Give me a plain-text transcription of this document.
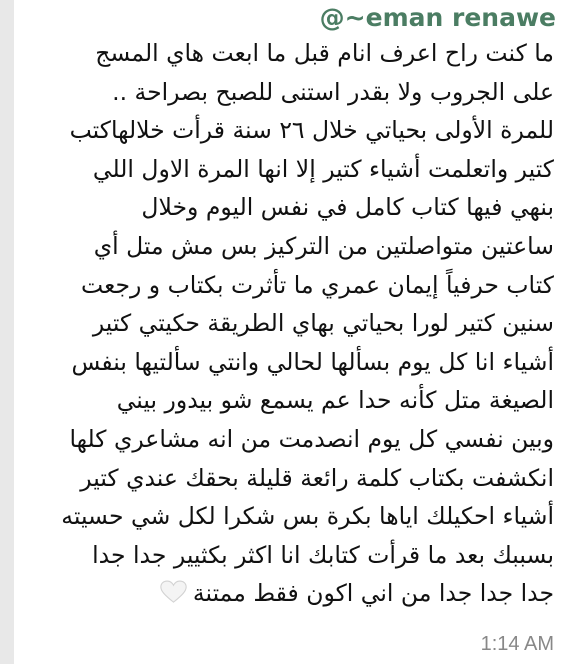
@~eman renawe
ما كنت راح اعرف انام قبل ما ابعت هاي المسج
على الجروب ولا بقدر استنى للصبح بصراحة ..
للمرة الأولى بحياتي خلال ٢٦ سنة قرأت خلالهاكتب
كتير واتعلمت أشياء كتير إلا انها المرة الاول اللي
بنهي فيها كتاب كامل في نفس اليوم وخلال
ساعتين متواصلتين من التركيز بس مش متل أي
كتاب حرفياً إيمان عمري ما تأثرت بكتاب و رجعت
سنين كتير لورا بحياتي بهاي الطريقة حكيتي كتير
أشياء انا كل يوم بسألها لحالي وانتي سألتيها بنفس
الصيغة متل كأنه حدا عم يسمع شو بيدور بيني
وبين نفسي كل يوم انصدمت من انه مشاعري كلها
انكشفت بكتاب كلمة رائعة قليلة بحقك عندي كتير
أشياء احكيلك اياها بكرة بس شكرا لكل شي حسيته
بسببك بعد ما قرأت كتابك انا اكثر بكثيير جدا جدا
جدا جدا جدا من اني اكون فقط ممتنة
1:14 AM
